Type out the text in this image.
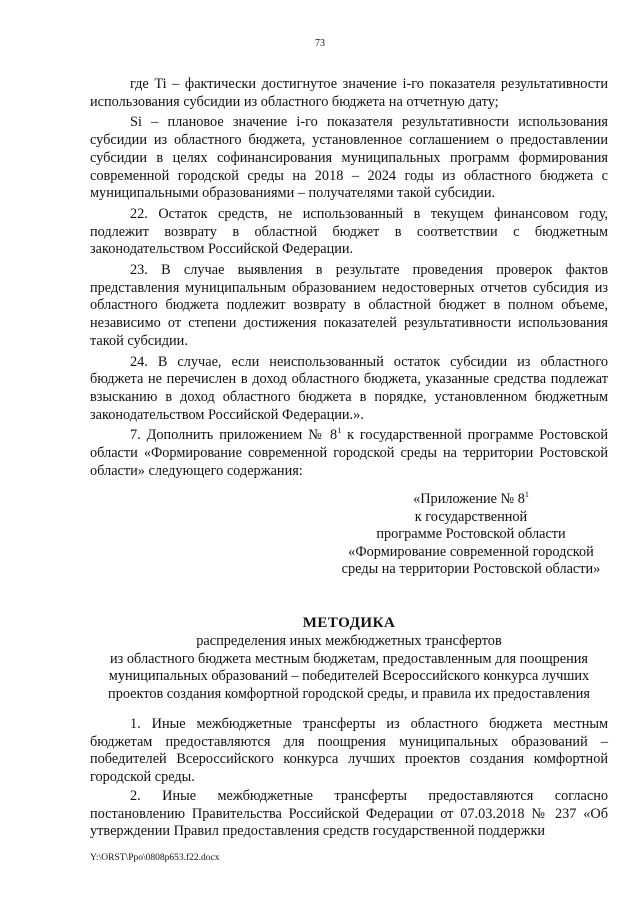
73

где Ti – фактически достигнутое значение i-го показателя результативности использования субсидии из областного бюджета на отчетную дату;

Si – плановое значение i-го показателя результативности использования субсидии из областного бюджета, установленное соглашением о предоставлении субсидии в целях софинансирования муниципальных программ формирования современной городской среды на 2018 – 2024 годы из областного бюджета с муниципальными образованиями – получателями такой субсидии.

22. Остаток средств, не использованный в текущем финансовом году, подлежит возврату в областной бюджет в соответствии с бюджетным законодательством Российской Федерации.

23. В случае выявления в результате проведения проверок фактов представления муниципальным образованием недостоверных отчетов субсидия из областного бюджета подлежит возврату в областной бюджет в полном объеме, независимо от степени достижения показателей результативности использования такой субсидии.

24. В случае, если неиспользованный остаток субсидии из областного бюджета не перечислен в доход областного бюджета, указанные средства подлежат взысканию в доход областного бюджета в порядке, установленном бюджетным законодательством Российской Федерации.».

7. Дополнить приложением № $8^1$ к государственной программе Ростовской области «Формирование современной городской среды на территории Ростовской области» следующего содержания:

«Приложение № $8^1$
к государственной
программе Ростовской области
«Формирование современной городской
среды на территории Ростовской области»
МЕТОДИКА
распределения иных межбюджетных трансфертов
из областного бюджета местным бюджетам, предоставленным для поощрения
муниципальных образований – победителей Всероссийского конкурса лучших
проектов создания комфортной городской среды, и правила их предоставления

1. Иные межбюджетные трансферты из областного бюджета местным бюджетам предоставляются для поощрения муниципальных образований – победителей Всероссийского конкурса лучших проектов создания комфортной городской среды.

2. Иные межбюджетные трансферты предоставляются согласно постановлению Правительства Российской Федерации от 07.03.2018 № 237 «Об утверждении Правил предоставления средств государственной поддержки

Y:\ORST\Ppo\0808p653.f22.docx
